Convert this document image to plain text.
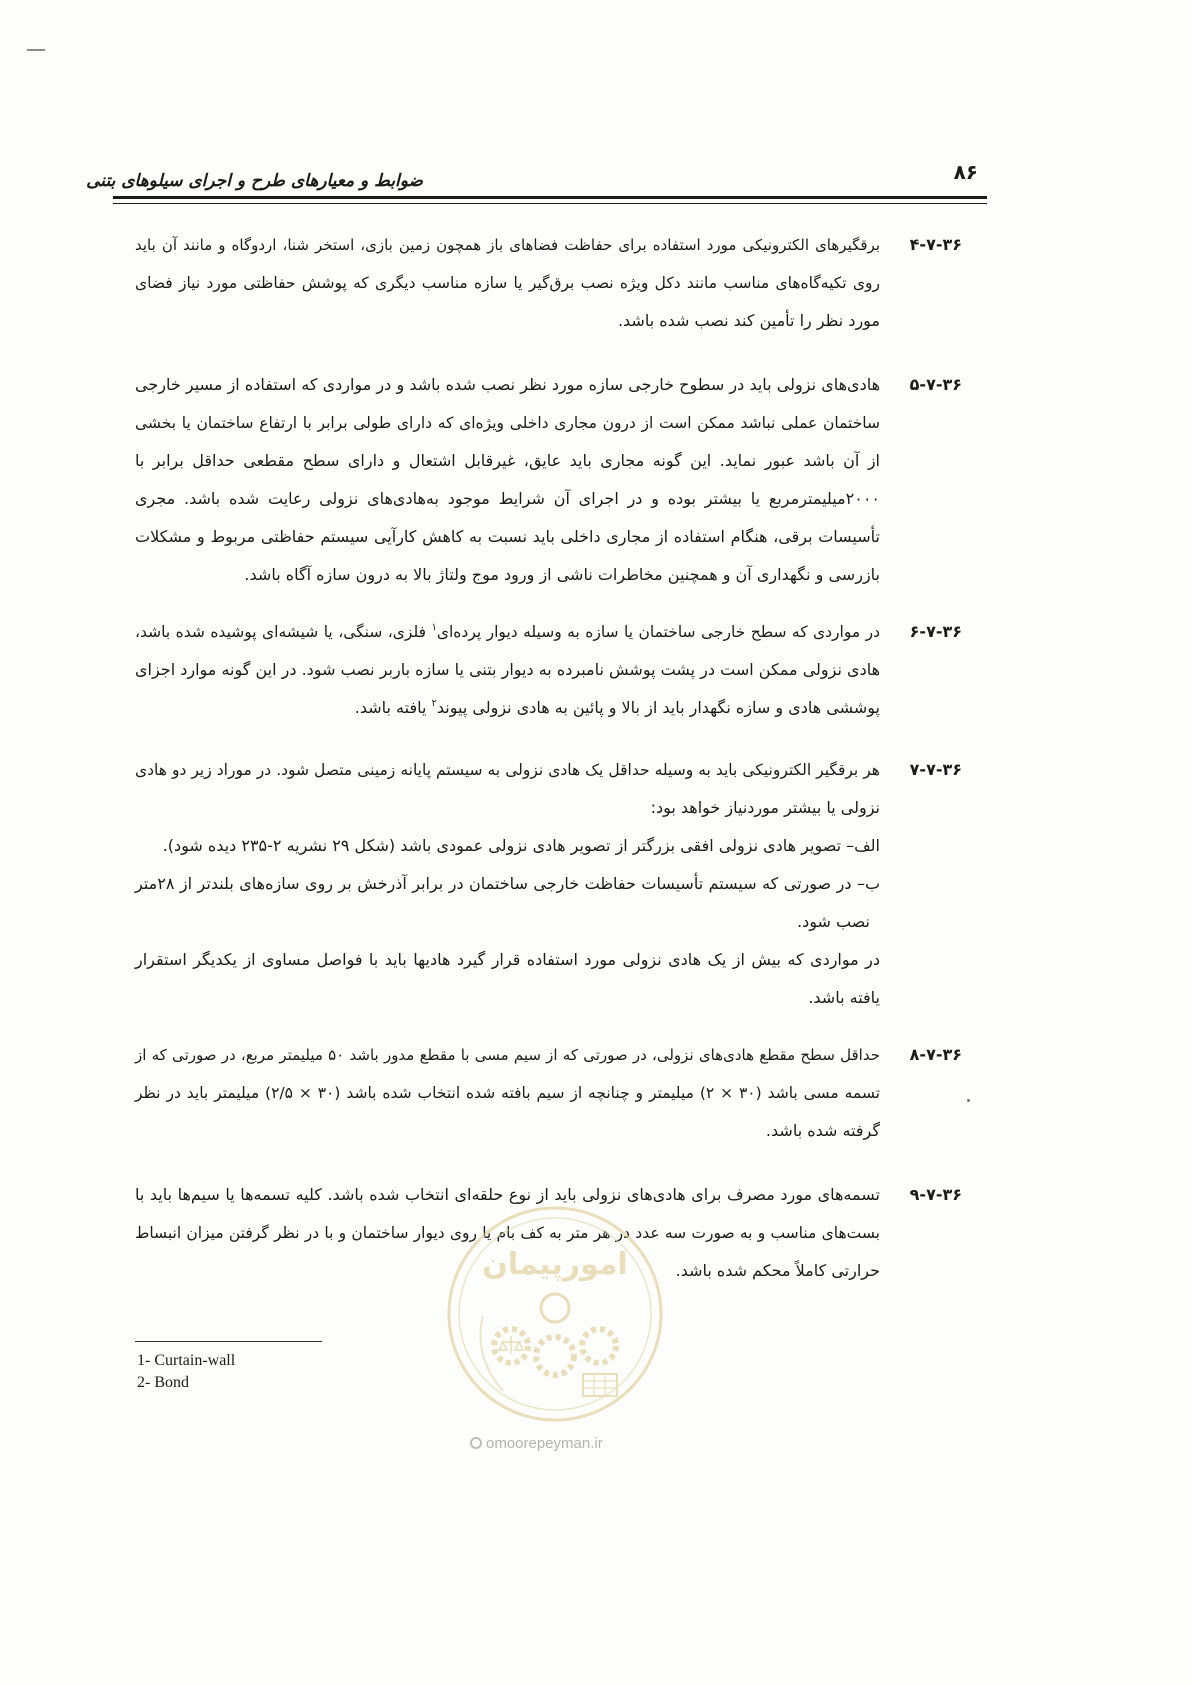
۸۶
ضوابط و معیارهای طرح و اجرای سیلوهای بتنی
۴-۷-۳۶
برقگیرهای الکترونیکی مورد استفاده برای حفاظت فضاهای باز همچون زمین بازی، استخر شنا، اردوگاه و مانند آن باید
روی تکیه‌گاه‌های مناسب مانند دکل ویژه نصب برق‌گیر یا سازه مناسب دیگری که پوشش حفاظتی مورد نیاز فضای
مورد نظر را تأمین کند نصب شده باشد.
۵-۷-۳۶
هادی‌های نزولی باید در سطوح خارجی سازه مورد نظر نصب شده باشد و در مواردی که استفاده از مسیر خارجی
ساختمان عملی نباشد ممکن است از درون مجاری داخلی ویژه‌ای که دارای طولی برابر با ارتفاع ساختمان یا بخشی
از آن باشد عبور نماید. این گونه مجاری باید عایق، غیرقابل اشتعال و دارای سطح مقطعی حداقل برابر با
۲۰۰۰میلیمترمربع یا بیشتر بوده و در اجرای آن شرایط موجود به‌هادی‌های نزولی رعایت شده باشد. مجری
تأسیسات برقی، هنگام استفاده از مجاری داخلی باید نسبت به کاهش کارآیی سیستم حفاظتی مربوط و مشکلات
بازرسی و نگهداری آن و همچنین مخاطرات ناشی از ورود موج ولتاژ بالا به درون سازه آگاه باشد.
۶-۷-۳۶
در مواردی که سطح خارجی ساختمان یا سازه به وسیله دیوار پرده‌ای$^۱$ فلزی، سنگی، یا شیشه‌ای پوشیده شده باشد،
هادی نزولی ممکن است در پشت پوشش نامبرده به دیوار بتنی یا سازه باربر نصب شود. در این گونه موارد اجزای
پوششی هادی و سازه نگهدار باید از بالا و پائین به هادی نزولی پیوند$^۲$ یافته باشد.
۷-۷-۳۶
هر برقگیر الکترونیکی باید به وسیله حداقل یک هادی نزولی به سیستم پایانه زمینی متصل شود. در موراد زیر دو هادی
نزولی یا بیشتر موردنیاز خواهد بود:
الف– تصویر هادی نزولی افقی بزرگتر از تصویر هادی نزولی عمودی باشد (شکل ۲۹ نشریه ۲-۲۳۵ دیده شود).
ب– در صورتی که سیستم تأسیسات حفاظت خارجی ساختمان در برابر آذرخش بر روی سازه‌های بلندتر از ۲۸متر
نصب شود.
در مواردی که بیش از یک هادی نزولی مورد استفاده قرار گیرد هادیها باید با فواصل مساوی از یکدیگر استقرار
یافته باشد.
۸-۷-۳۶
حداقل سطح مقطع هادی‌های نزولی، در صورتی که از سیم مسی با مقطع مدور باشد ۵۰ میلیمتر مربع، در صورتی که از
تسمه مسی باشد (۳۰ × ۲) میلیمتر و چنانچه از سیم بافته شده انتخاب شده باشد (۳۰ × ۲/۵) میلیمتر باید در نظر
گرفته شده باشد.
۹-۷-۳۶
تسمه‌های مورد مصرف برای هادی‌های نزولی باید از نوع حلقه‌ای انتخاب شده باشد. کلیه تسمه‌ها یا سیم‌ها باید با
بست‌های مناسب و به صورت سه عدد در هر متر به کف بام یا روی دیوار ساختمان و با در نظر گرفتن میزان انبساط
حرارتی کاملاً محکم شده باشد.
امورپیمان
omoorepeyman.ir
1- Curtain-wall
2- Bond
